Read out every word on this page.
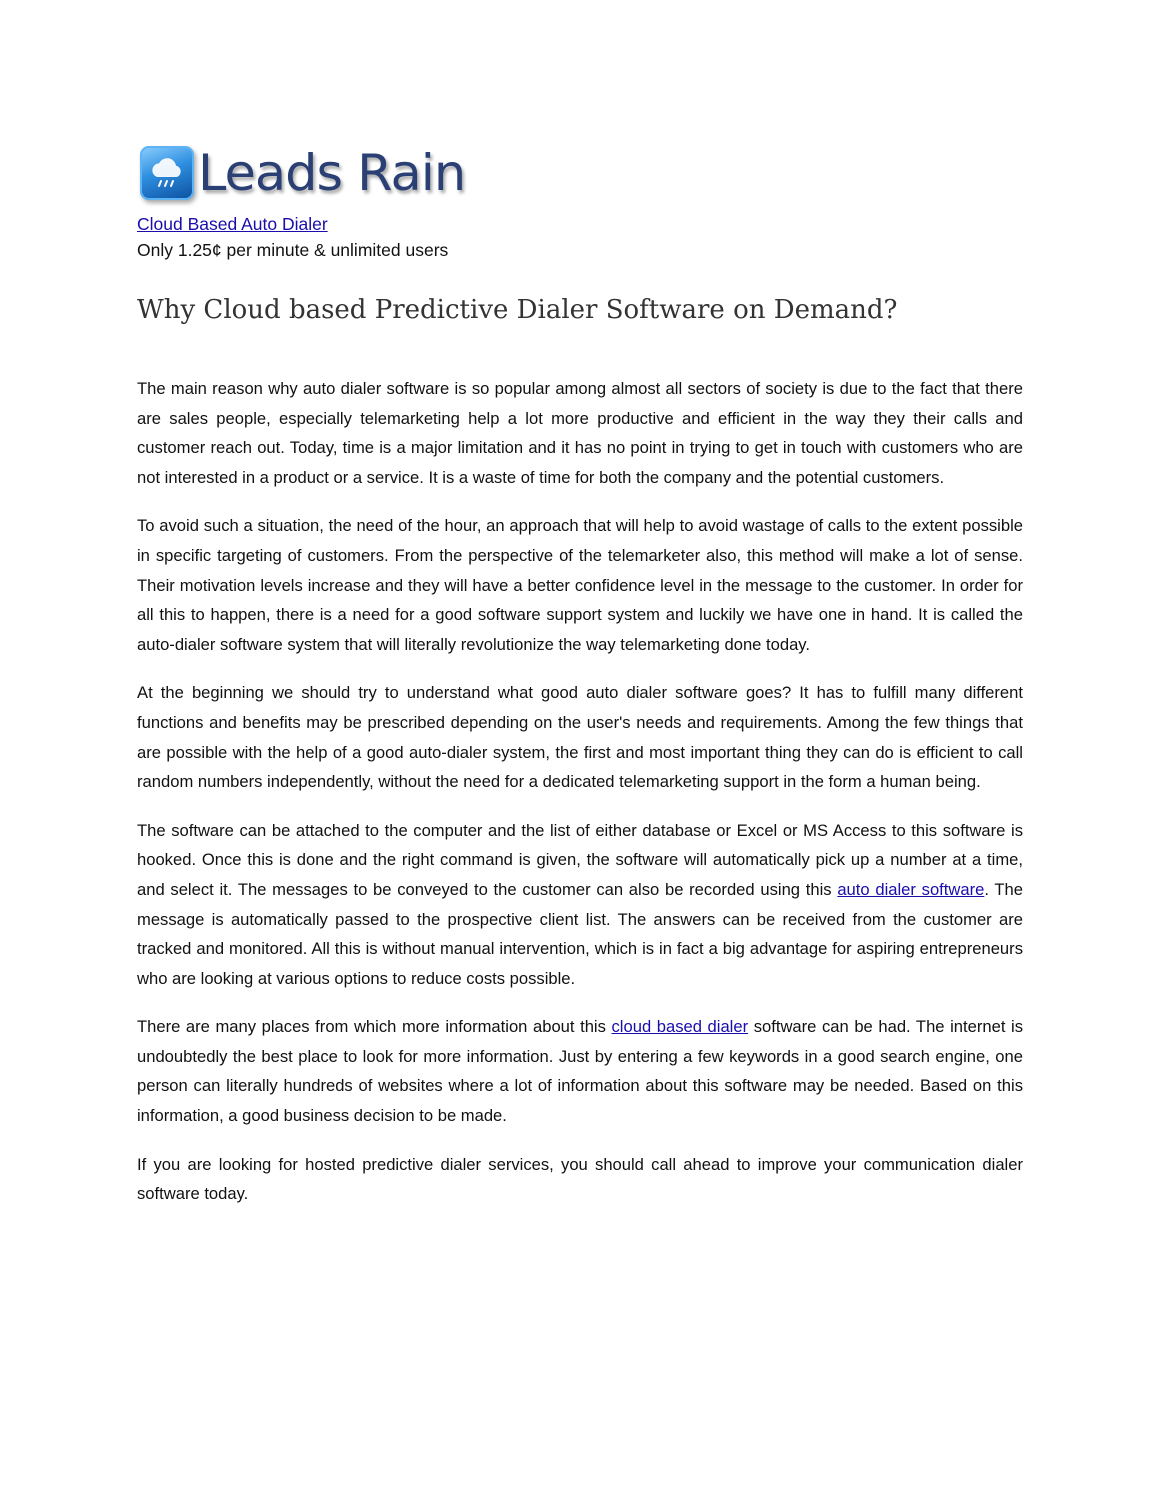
Leads Rain
Cloud Based Auto Dialer
Only 1.25¢ per minute & unlimited users
Why Cloud based Predictive Dialer Software on Demand?

The main reason why auto dialer software is so popular among almost all sectors of society is due to the fact that there are sales people, especially telemarketing help a lot more productive and efficient in the way they their calls and customer reach out. Today, time is a major limitation and it has no point in trying to get in touch with customers who are not interested in a product or a service. It is a waste of time for both the company and the potential customers.

To avoid such a situation, the need of the hour, an approach that will help to avoid wastage of calls to the extent possible in specific targeting of customers. From the perspective of the telemarketer also, this method will make a lot of sense. Their motivation levels increase and they will have a better confidence level in the message to the customer. In order for all this to happen, there is a need for a good software support system and luckily we have one in hand. It is called the auto-dialer software system that will literally revolutionize the way telemarketing done today.

At the beginning we should try to understand what good auto dialer software goes? It has to fulfill many different functions and benefits may be prescribed depending on the user's needs and requirements. Among the few things that are possible with the help of a good auto-dialer system, the first and most important thing they can do is efficient to call random numbers independently, without the need for a dedicated telemarketing support in the form a human being.

The software can be attached to the computer and the list of either database or Excel or MS Access to this software is hooked. Once this is done and the right command is given, the software will automatically pick up a number at a time, and select it. The messages to be conveyed to the customer can also be recorded using this auto dialer software. The message is automatically passed to the prospective client list. The answers can be received from the customer are tracked and monitored. All this is without manual intervention, which is in fact a big advantage for aspiring entrepreneurs who are looking at various options to reduce costs possible.

There are many places from which more information about this cloud based dialer software can be had. The internet is undoubtedly the best place to look for more information. Just by entering a few keywords in a good search engine, one person can literally hundreds of websites where a lot of information about this software may be needed. Based on this information, a good business decision to be made.

If you are looking for hosted predictive dialer services, you should call ahead to improve your communication dialer software today.
